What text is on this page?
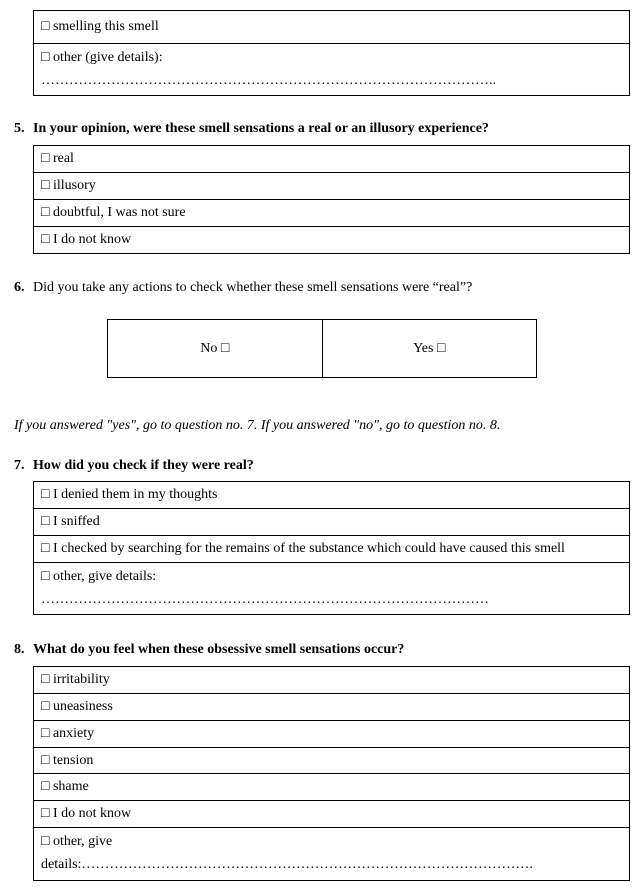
□ smelling this smell
□ other (give details):
……………………………………………………………………………………..
5. In your opinion, were these smell sensations a real or an illusory experience?
□ real
□ illusory
□ doubtful, I was not sure
□ I do not know
6. Did you take any actions to check whether these smell sensations were “real”?
No □	Yes □
If you answered "yes", go to question no. 7. If you answered "no", go to question no. 8.
7. How did you check if they were real?
□ I denied them in my thoughts
□ I sniffed
□ I checked by searching for the remains of the substance which could have caused this smell
□ other, give details:
……………………………………………………………………………………
8. What do you feel when these obsessive smell sensations occur?
□ irritability
□ uneasiness
□ anxiety
□ tension
□ shame
□ I do not know
□ other, give
details:…………………………………………………………………………………….
